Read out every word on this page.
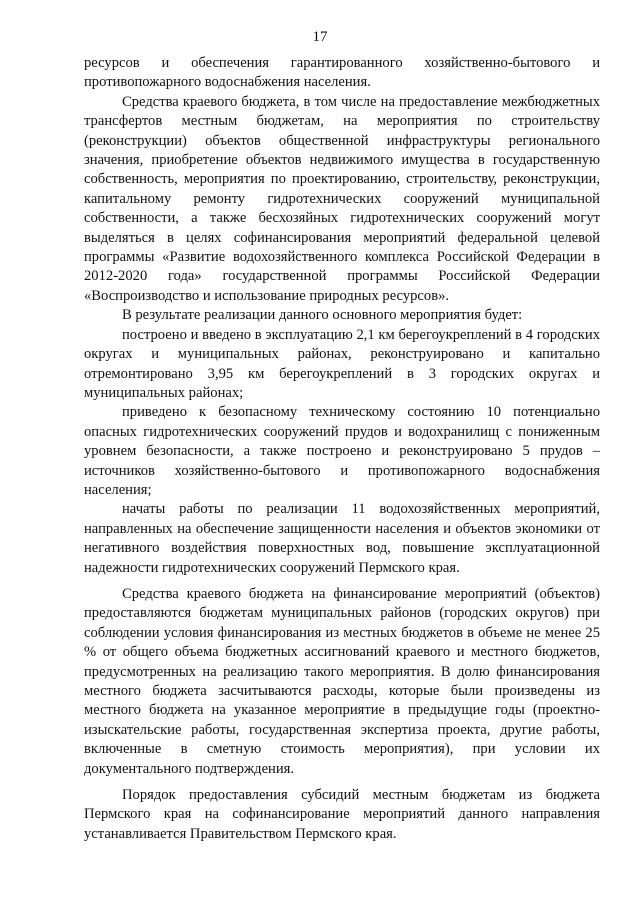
17

ресурсов и обеспечения гарантированного хозяйственно-бытового и противопожарного водоснабжения населения.

Средства краевого бюджета, в том числе на предоставление межбюджетных трансфертов местным бюджетам, на мероприятия по строительству (реконструкции) объектов общественной инфраструктуры регионального значения, приобретение объектов недвижимого имущества в государственную собственность, мероприятия по проектированию, строительству, реконструкции, капитальному ремонту гидротехнических сооружений муниципальной собственности, а также бесхозяйных гидротехнических сооружений могут выделяться в целях софинансирования мероприятий федеральной целевой программы «Развитие водохозяйственного комплекса Российской Федерации в 2012-2020 года» государственной программы Российской Федерации «Воспроизводство и использование природных ресурсов».

В результате реализации данного основного мероприятия будет:

построено и введено в эксплуатацию 2,1 км берегоукреплений в 4 городских округах и муниципальных районах, реконструировано и капитально отремонтировано 3,95 км берегоукреплений в 3 городских округах и муниципальных районах;

приведено к безопасному техническому состоянию 10 потенциально опасных гидротехнических сооружений прудов и водохранилищ с пониженным уровнем безопасности, а также построено и реконструировано 5 прудов – источников хозяйственно-бытового и противопожарного водоснабжения населения;

начаты работы по реализации 11 водохозяйственных мероприятий, направленных на обеспечение защищенности населения и объектов экономики от негативного воздействия поверхностных вод, повышение эксплуатационной надежности гидротехнических сооружений Пермского края.

Средства краевого бюджета на финансирование мероприятий (объектов) предоставляются бюджетам муниципальных районов (городских округов) при соблюдении условия финансирования из местных бюджетов в объеме не менее 25 % от общего объема бюджетных ассигнований краевого и местного бюджетов, предусмотренных на реализацию такого мероприятия. В долю финансирования местного бюджета засчитываются расходы, которые были произведены из местного бюджета на указанное мероприятие в предыдущие годы (проектно-изыскательские работы, государственная экспертиза проекта, другие работы, включенные в сметную стоимость мероприятия), при условии их документального подтверждения.

Порядок предоставления субсидий местным бюджетам из бюджета Пермского края на софинансирование мероприятий данного направления устанавливается Правительством Пермского края.
